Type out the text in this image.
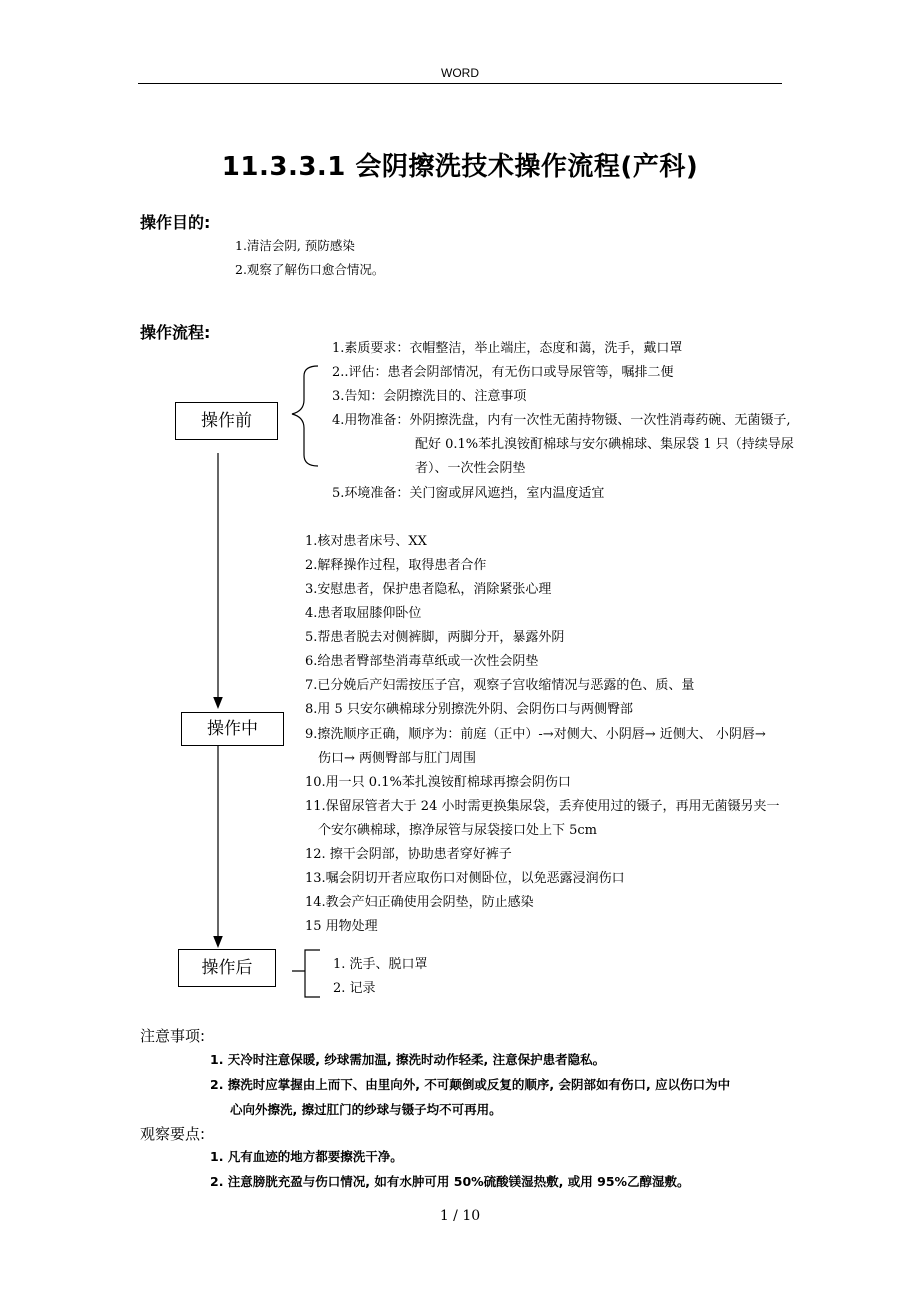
WORD
11.3.3.1 会阴擦洗技术操作流程(产科)
操作目的:
1.清洁会阴, 预防感染
2.观察了解伤口愈合情况。
操作流程:
操作前
1.素质要求：衣帽整洁，举止端庄，态度和蔼，洗手，戴口罩
2..评估：患者会阴部情况，有无伤口或导尿管等，嘱排二便
3.告知：会阴擦洗目的、注意事项
4.用物准备：外阴擦洗盘，内有一次性无菌持物镊、一次性消毒药碗、无菌镊子,
配好 0.1%苯扎溴铵酊棉球与安尔碘棉球、集尿袋 1 只（持续导尿
者）、一次性会阴垫
5.环境准备：关门窗或屏风遮挡，室内温度适宜
操作中
1.核对患者床号、XX
2.解释操作过程，取得患者合作
3.安慰患者，保护患者隐私，消除紧张心理
4.患者取屈膝仰卧位
5.帮患者脱去对侧裤脚，两脚分开，暴露外阴
6.给患者臀部垫消毒草纸或一次性会阴垫
7.已分娩后产妇需按压子宫，观察子宫收缩情况与恶露的色、质、量
8.用 5 只安尔碘棉球分别擦洗外阴、会阴伤口与两侧臀部
9.擦洗顺序正确，顺序为：前庭（正中）-→对侧大、小阴唇→ 近侧大、 小阴唇→
伤口→ 两侧臀部与肛门周围
10.用一只 0.1%苯扎溴铵酊棉球再擦会阴伤口
11.保留尿管者大于 24 小时需更换集尿袋，丢弃使用过的镊子，再用无菌镊另夹一
个安尔碘棉球，擦净尿管与尿袋接口处上下 5cm
12. 擦干会阴部，协助患者穿好裤子
13.嘱会阴切开者应取伤口对侧卧位，以免恶露浸润伤口
14.教会产妇正确使用会阴垫，防止感染
15 用物处理
操作后	1. 洗手、脱口罩
2. 记录
注意事项:
1. 天冷时注意保暖, 纱球需加温, 擦洗时动作轻柔, 注意保护患者隐私。
2. 擦洗时应掌握由上而下、由里向外, 不可颠倒或反复的顺序, 会阴部如有伤口, 应以伤口为中
心向外擦洗, 擦过肛门的纱球与镊子均不可再用。
观察要点:
1. 凡有血迹的地方都要擦洗干净。
2. 注意膀胱充盈与伤口情况, 如有水肿可用 50%硫酸镁湿热敷, 或用 95%乙醇湿敷。
1 / 10
